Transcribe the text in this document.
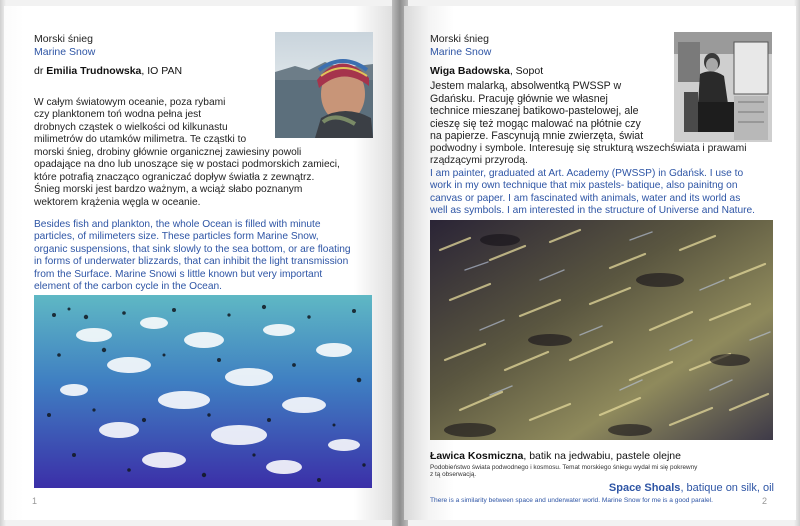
Morski śnieg
Marine Snow
dr Emilia Trudnowska, IO PAN
W całym światowym oceanie, poza rybami
czy planktonem toń wodna pełna jest
drobnych cząstek o wielkości od kilkunastu
milimetrów do utamków milimetra. Te cząstki to
morski śnieg, drobiny głównie organicznej zawiesiny powoli
opadające na dno lub unoszące się w postaci podmorskich zamieci,
które potrafią znacząco ograniczać dopływ światła z zewnątrz.
Śnieg morski jest bardzo ważnym, a wciąż słabo poznanym
wektorem krążenia węgla w oceanie.
Besides fish and plankton, the whole Ocean is filled with minute
particles, of milimeters size. These particles form Marine Snow,
organic suspensions, that sink slowly to the sea bottom, or are floating
in forms of underwater blizzards, that can inhibit the light transmission
from the Surface. Marine Snowi s little known but very important
element of the carbon cycle in the Ocean.
1
Morski śnieg
Marine Snow
Wiga Badowska, Sopot
Jestem malarką, absolwentką PWSSP w
Gdańsku. Pracuję głównie we własnej
technice mieszanej batikowo-pastelowej, ale
cieszę się też mogąc malować na płótnie czy
na papierze. Fascynują mnie zwierzęta, świat
podwodny i symbole. Interesuję się strukturą wszechświata i prawami
rządzącymi przyrodą.
I am painter, graduated at Art. Academy (PWSSP) in Gdańsk. I use to
work in my own technique that mix pastels- batique, also painitng on
canvas or paper. I am fascinated with animals, water and its world as
well as symbols. I am interested in the structure of Universe and Nature.
Ławica Kosmiczna, batik na jedwabiu, pastele olejne
Podobieństwo świata podwodnego i kosmosu. Temat morskiego śniegu wydał mi się pokrewny
z tą obserwacją.
Space Shoals, batique on silk, oil
There is a similarity between space and underwater world. Marine Snow for me is a good paralel.	2
